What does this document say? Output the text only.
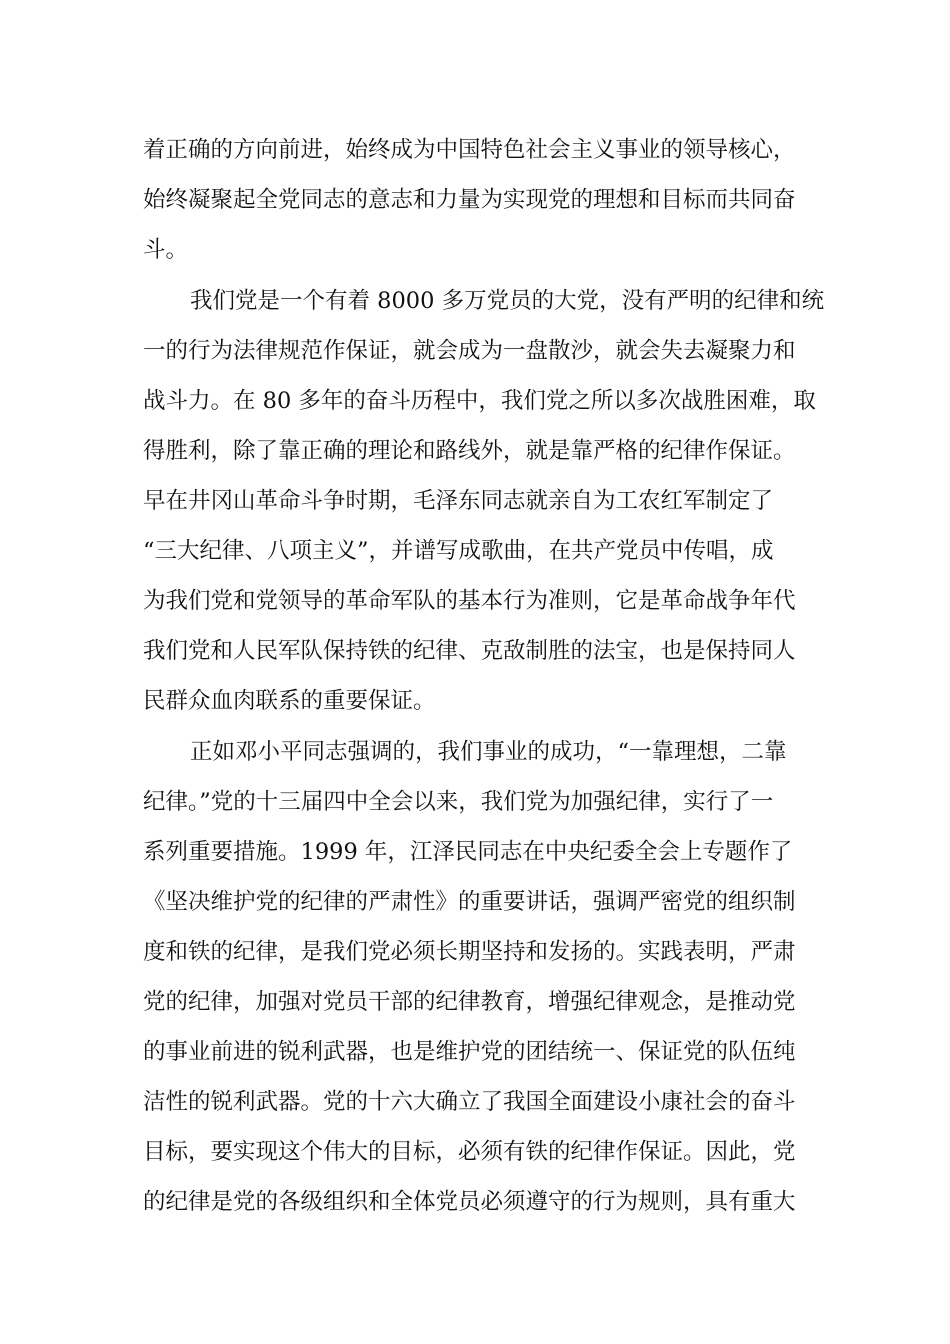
着正确的方向前进，始终成为中国特色社会主义事业的领导核心，
始终凝聚起全党同志的意志和力量为实现党的理想和目标而共同奋
斗。
我们党是一个有着 8000 多万党员的大党，没有严明的纪律和统
一的行为法律规范作保证，就会成为一盘散沙，就会失去凝聚力和
战斗力。在 80 多年的奋斗历程中，我们党之所以多次战胜困难，取
得胜利，除了靠正确的理论和路线外，就是靠严格的纪律作保证。
早在井冈山革命斗争时期，毛泽东同志就亲自为工农红军制定了
“三大纪律、八项主义”，并谱写成歌曲，在共产党员中传唱，成
为我们党和党领导的革命军队的基本行为准则，它是革命战争年代
我们党和人民军队保持铁的纪律、克敌制胜的法宝，也是保持同人
民群众血肉联系的重要保证。
正如邓小平同志强调的，我们事业的成功，“一靠理想，二靠
纪律。”党的十三届四中全会以来，我们党为加强纪律，实行了一
系列重要措施。1999 年，江泽民同志在中央纪委全会上专题作了
《坚决维护党的纪律的严肃性》的重要讲话，强调严密党的组织制
度和铁的纪律，是我们党必须长期坚持和发扬的。实践表明，严肃
党的纪律，加强对党员干部的纪律教育，增强纪律观念，是推动党
的事业前进的锐利武器，也是维护党的团结统一、保证党的队伍纯
洁性的锐利武器。党的十六大确立了我国全面建设小康社会的奋斗
目标，要实现这个伟大的目标，必须有铁的纪律作保证。因此，党
的纪律是党的各级组织和全体党员必须遵守的行为规则，具有重大
